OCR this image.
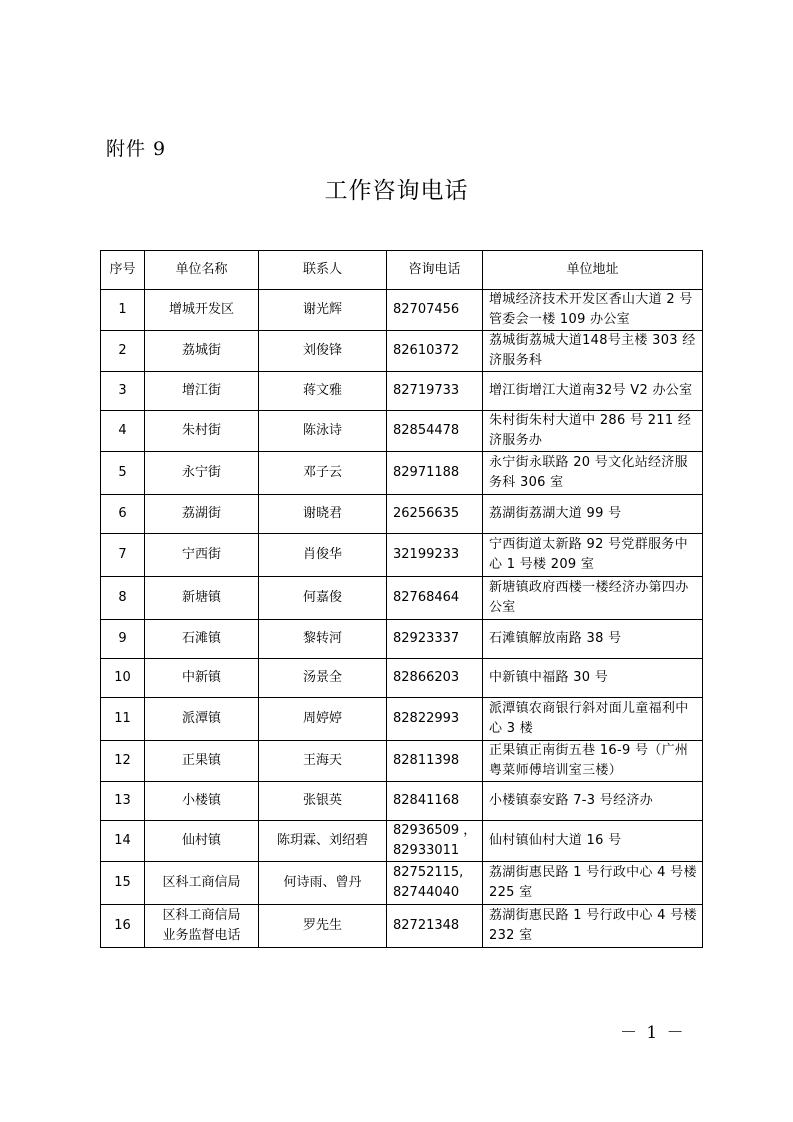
附件 9
工作咨询电话
序号	单位名称	联系人	咨询电话	单位地址
1	增城开发区	谢光辉	82707456	增城经济技术开发区香山大道 2 号管委会一楼 109 办公室
2	荔城街	刘俊锋	82610372	荔城街荔城大道148号主楼 303 经济服务科
3	增江街	蒋文雅	82719733	增江街增江大道南32号 V2 办公室
4	朱村街	陈泳诗	82854478	朱村街朱村大道中 286 号 211 经济服务办
5	永宁街	邓子云	82971188	永宁街永联路 20 号文化站经济服务科 306 室
6	荔湖街	谢晓君	26256635	荔湖街荔湖大道 99 号
7	宁西街	肖俊华	32199233	宁西街道太新路 92 号党群服务中心 1 号楼 209 室
8	新塘镇	何嘉俊	82768464	新塘镇政府西楼一楼经济办第四办公室
9	石滩镇	黎转河	82923337	石滩镇解放南路 38 号
10	中新镇	汤景全	82866203	中新镇中福路 30 号
11	派潭镇	周婷婷	82822993	派潭镇农商银行斜对面儿童福利中心 3 楼
12	正果镇	王海天	82811398	正果镇正南街五巷 16-9 号（广州粤菜师傅培训室三楼）
13	小楼镇	张银英	82841168	小楼镇泰安路 7-3 号经济办
14	仙村镇	陈玥霖、刘绍碧	82936509 ，
82933011	仙村镇仙村大道 16 号
15	区科工商信局	何诗雨、曾丹	82752115,
82744040	荔湖街惠民路 1 号行政中心 4 号楼 225 室
16	区科工商信局
业务监督电话	罗先生	82721348	荔湖街惠民路 1 号行政中心 4 号楼 232 室
－ 1 －
